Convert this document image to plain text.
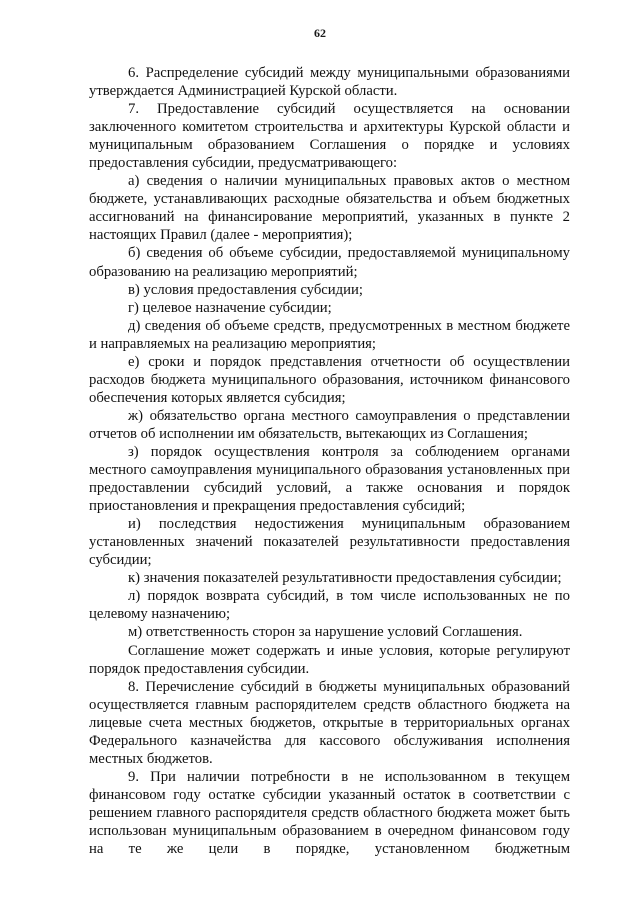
62

6. Распределение субсидий между муниципальными образованиями утверждается Администрацией Курской области.

7. Предоставление субсидий осуществляется на основании заключенного комитетом строительства и архитектуры Курской области и муниципальным образованием Соглашения о порядке и условиях предоставления субсидии, предусматривающего:

а) сведения о наличии муниципальных правовых актов о местном бюджете, устанавливающих расходные обязательства и объем бюджетных ассигнований на финансирование мероприятий, указанных в пункте 2 настоящих Правил (далее - мероприятия);

б) сведения об объеме субсидии, предоставляемой муниципальному образованию на реализацию мероприятий;

в) условия предоставления субсидии;

г) целевое назначение субсидии;

д) сведения об объеме средств, предусмотренных в местном бюджете и направляемых на реализацию мероприятия;

е) сроки и порядок представления отчетности об осуществлении расходов бюджета муниципального образования, источником финансового обеспечения которых является субсидия;

ж) обязательство органа местного самоуправления о представлении отчетов об исполнении им обязательств, вытекающих из Соглашения;

з) порядок осуществления контроля за соблюдением органами местного самоуправления муниципального образования установленных при предоставлении субсидий условий, а также основания и порядок приостановления и прекращения предоставления субсидий;

и) последствия недостижения муниципальным образованием установленных значений показателей результативности предоставления субсидии;

к) значения показателей результативности предоставления субсидии;

л) порядок возврата субсидий, в том числе использованных не по целевому назначению;

м) ответственность сторон за нарушение условий Соглашения.

Соглашение может содержать и иные условия, которые регулируют порядок предоставления субсидии.

8. Перечисление субсидий в бюджеты муниципальных образований осуществляется главным распорядителем средств областного бюджета на лицевые счета местных бюджетов, открытые в территориальных органах Федерального казначейства для кассового обслуживания исполнения местных бюджетов.

9. При наличии потребности в не использованном в текущем финансовом году остатке субсидии указанный остаток в соответствии с решением главного распорядителя средств областного бюджета может быть использован муниципальным образованием в очередном финансовом году на те же цели в порядке, установленном бюджетным
